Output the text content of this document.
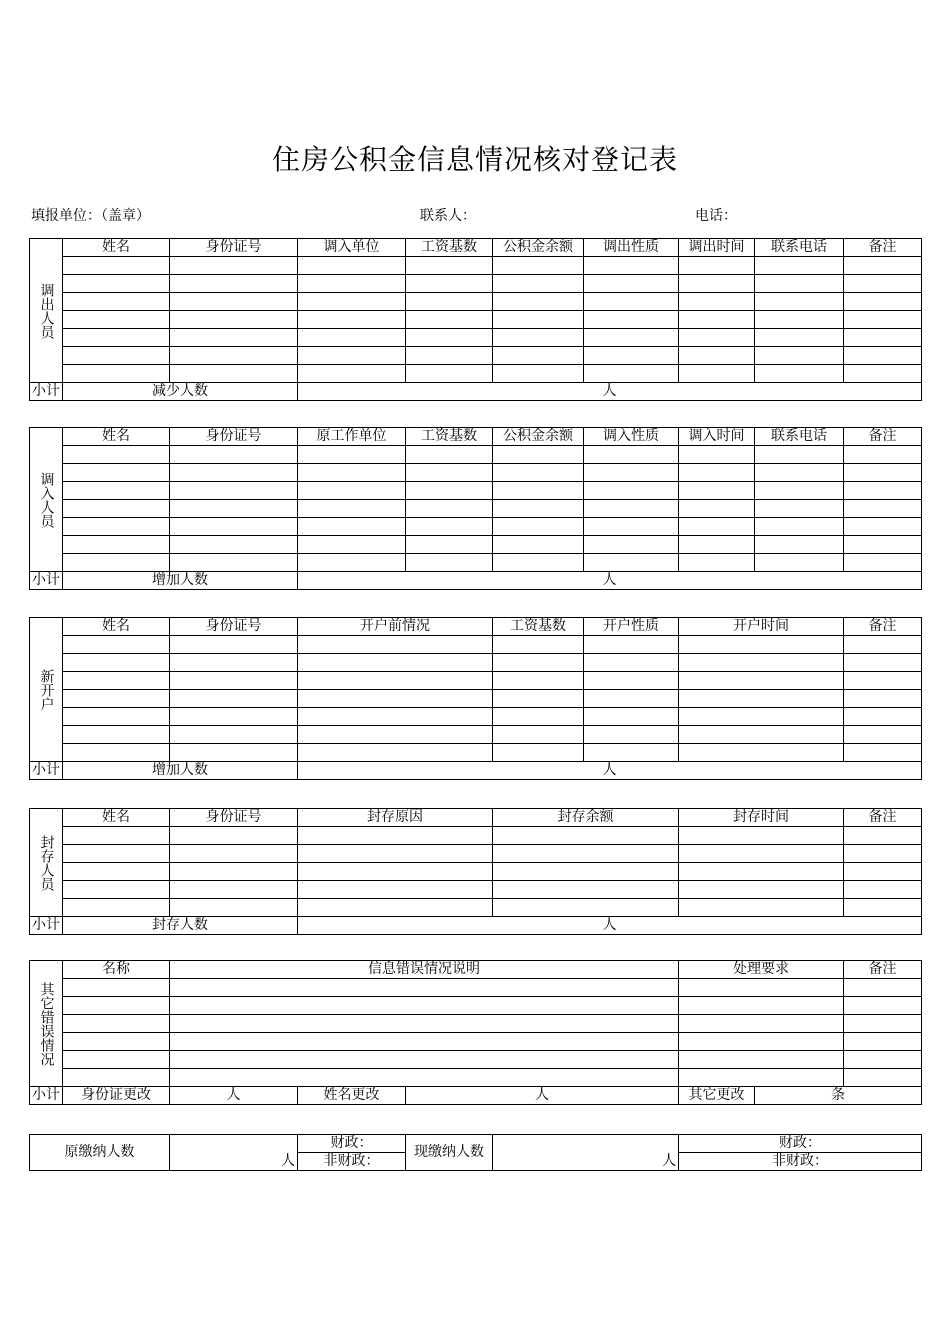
住房公积金信息情况核对登记表
填报单位：（盖章）	联系人：	电话：
调出人员	姓名	身份证号	调入单位	工资基数	公积金余额	调出性质	调出时间	联系电话	备注

小计	减少人数		人						
调入人员	姓名	身份证号	原工作单位	工资基数	公积金余额	调入性质	调入时间	联系电话	备注

小计	增加人数		人						
新开户	姓名	身份证号	开户前情况	工资基数	开户性质	开户时间	备注

小计	增加人数		人				
封存人员	姓名	身份证号	封存原因	封存余额	封存时间	备注

小计	封存人数		人			
其它错误情况	名称	信息错误情况说明			处理要求		备注

小计	身份证更改	人	姓名更改	人	其它更改	条	
原缴纳人数	人	财政：	现缴纳人数	人	财政：
		非财政：			非财政：
